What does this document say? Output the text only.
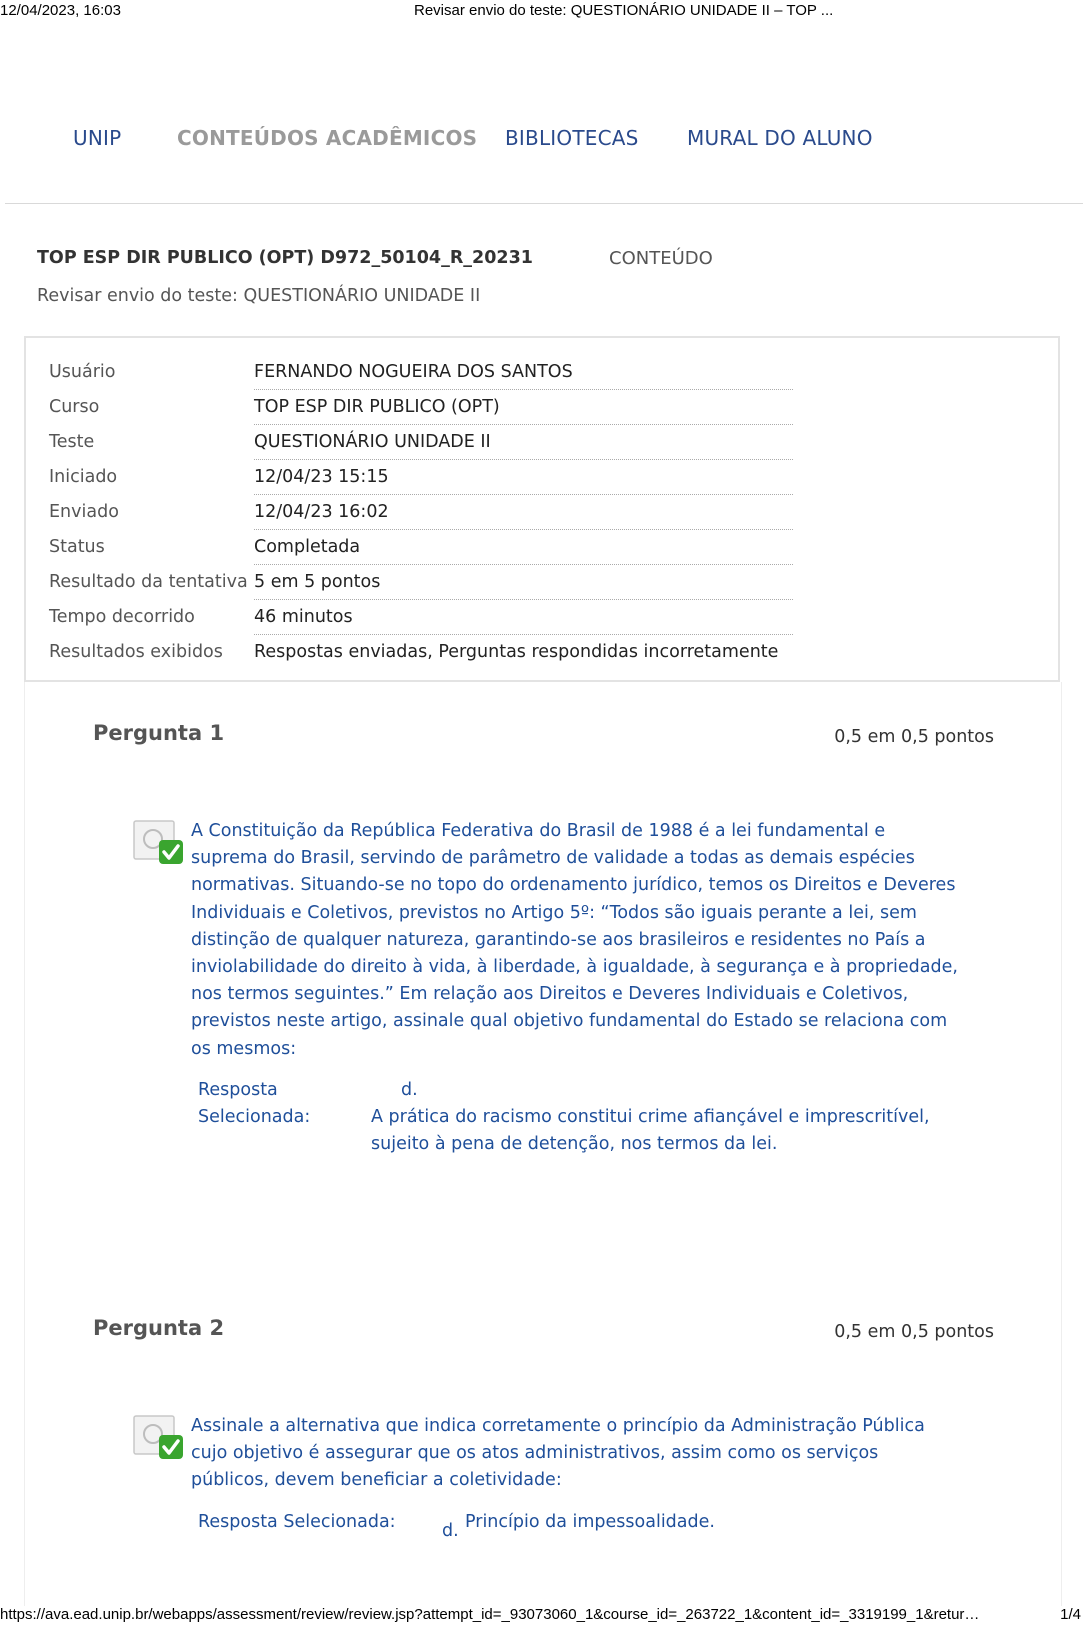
12/04/2023, 16:03	Revisar envio do teste: QUESTIONÁRIO UNIDADE II – TOP ...
UNIP	CONTEÚDOS ACADÊMICOS BIBLIOTECAS MURAL DO ALUNO
TOP ESP DIR PUBLICO (OPT) D972_50104_R_20231	CONTEÚDO
Revisar envio do teste: QUESTIONÁRIO UNIDADE II
Usuário	FERNANDO NOGUEIRA DOS SANTOS
Curso	TOP ESP DIR PUBLICO (OPT)
Teste	QUESTIONÁRIO UNIDADE II
Iniciado	12/04/23 15:15
Enviado	12/04/23 16:02
Status	Completada
Resultado da tentativa	5 em 5 pontos
Tempo decorrido	46 minutos
Resultados exibidos	Respostas enviadas, Perguntas respondidas incorretamente
Pergunta 1	0,5 em 0,5 pontos
A Constituição da República Federativa do Brasil de 1988 é a lei fundamental e suprema do Brasil, servindo de parâmetro de validade a todas as demais espécies normativas. Situando-se no topo do ordenamento jurídico, temos os Direitos e Deveres Individuais e Coletivos, previstos no Artigo 5º: “Todos são iguais perante a lei, sem distinção de qualquer natureza, garantindo-se aos brasileiros e residentes no País a inviolabilidade do direito à vida, à liberdade, à igualdade, à segurança e à propriedade, nos termos seguintes.” Em relação aos Direitos e Deveres Individuais e Coletivos, previstos neste artigo, assinale qual objetivo fundamental do Estado se relaciona com os mesmos:
Resposta
Selecionada:
d.
A prática do racismo constitui crime afiançável e imprescritível, sujeito à pena de detenção, nos termos da lei.
Pergunta 2	0,5 em 0,5 pontos
Assinale a alternativa que indica corretamente o princípio da Administração Pública cujo objetivo é assegurar que os atos administrativos, assim como os serviços públicos, devem beneficiar a coletividade:
Resposta Selecionada:	d. Princípio da impessoalidade.
https://ava.ead.unip.br/webapps/assessment/review/review.jsp?attempt_id=_93073060_1&course_id=_263722_1&content_id=_3319199_1&retur…	1/4
